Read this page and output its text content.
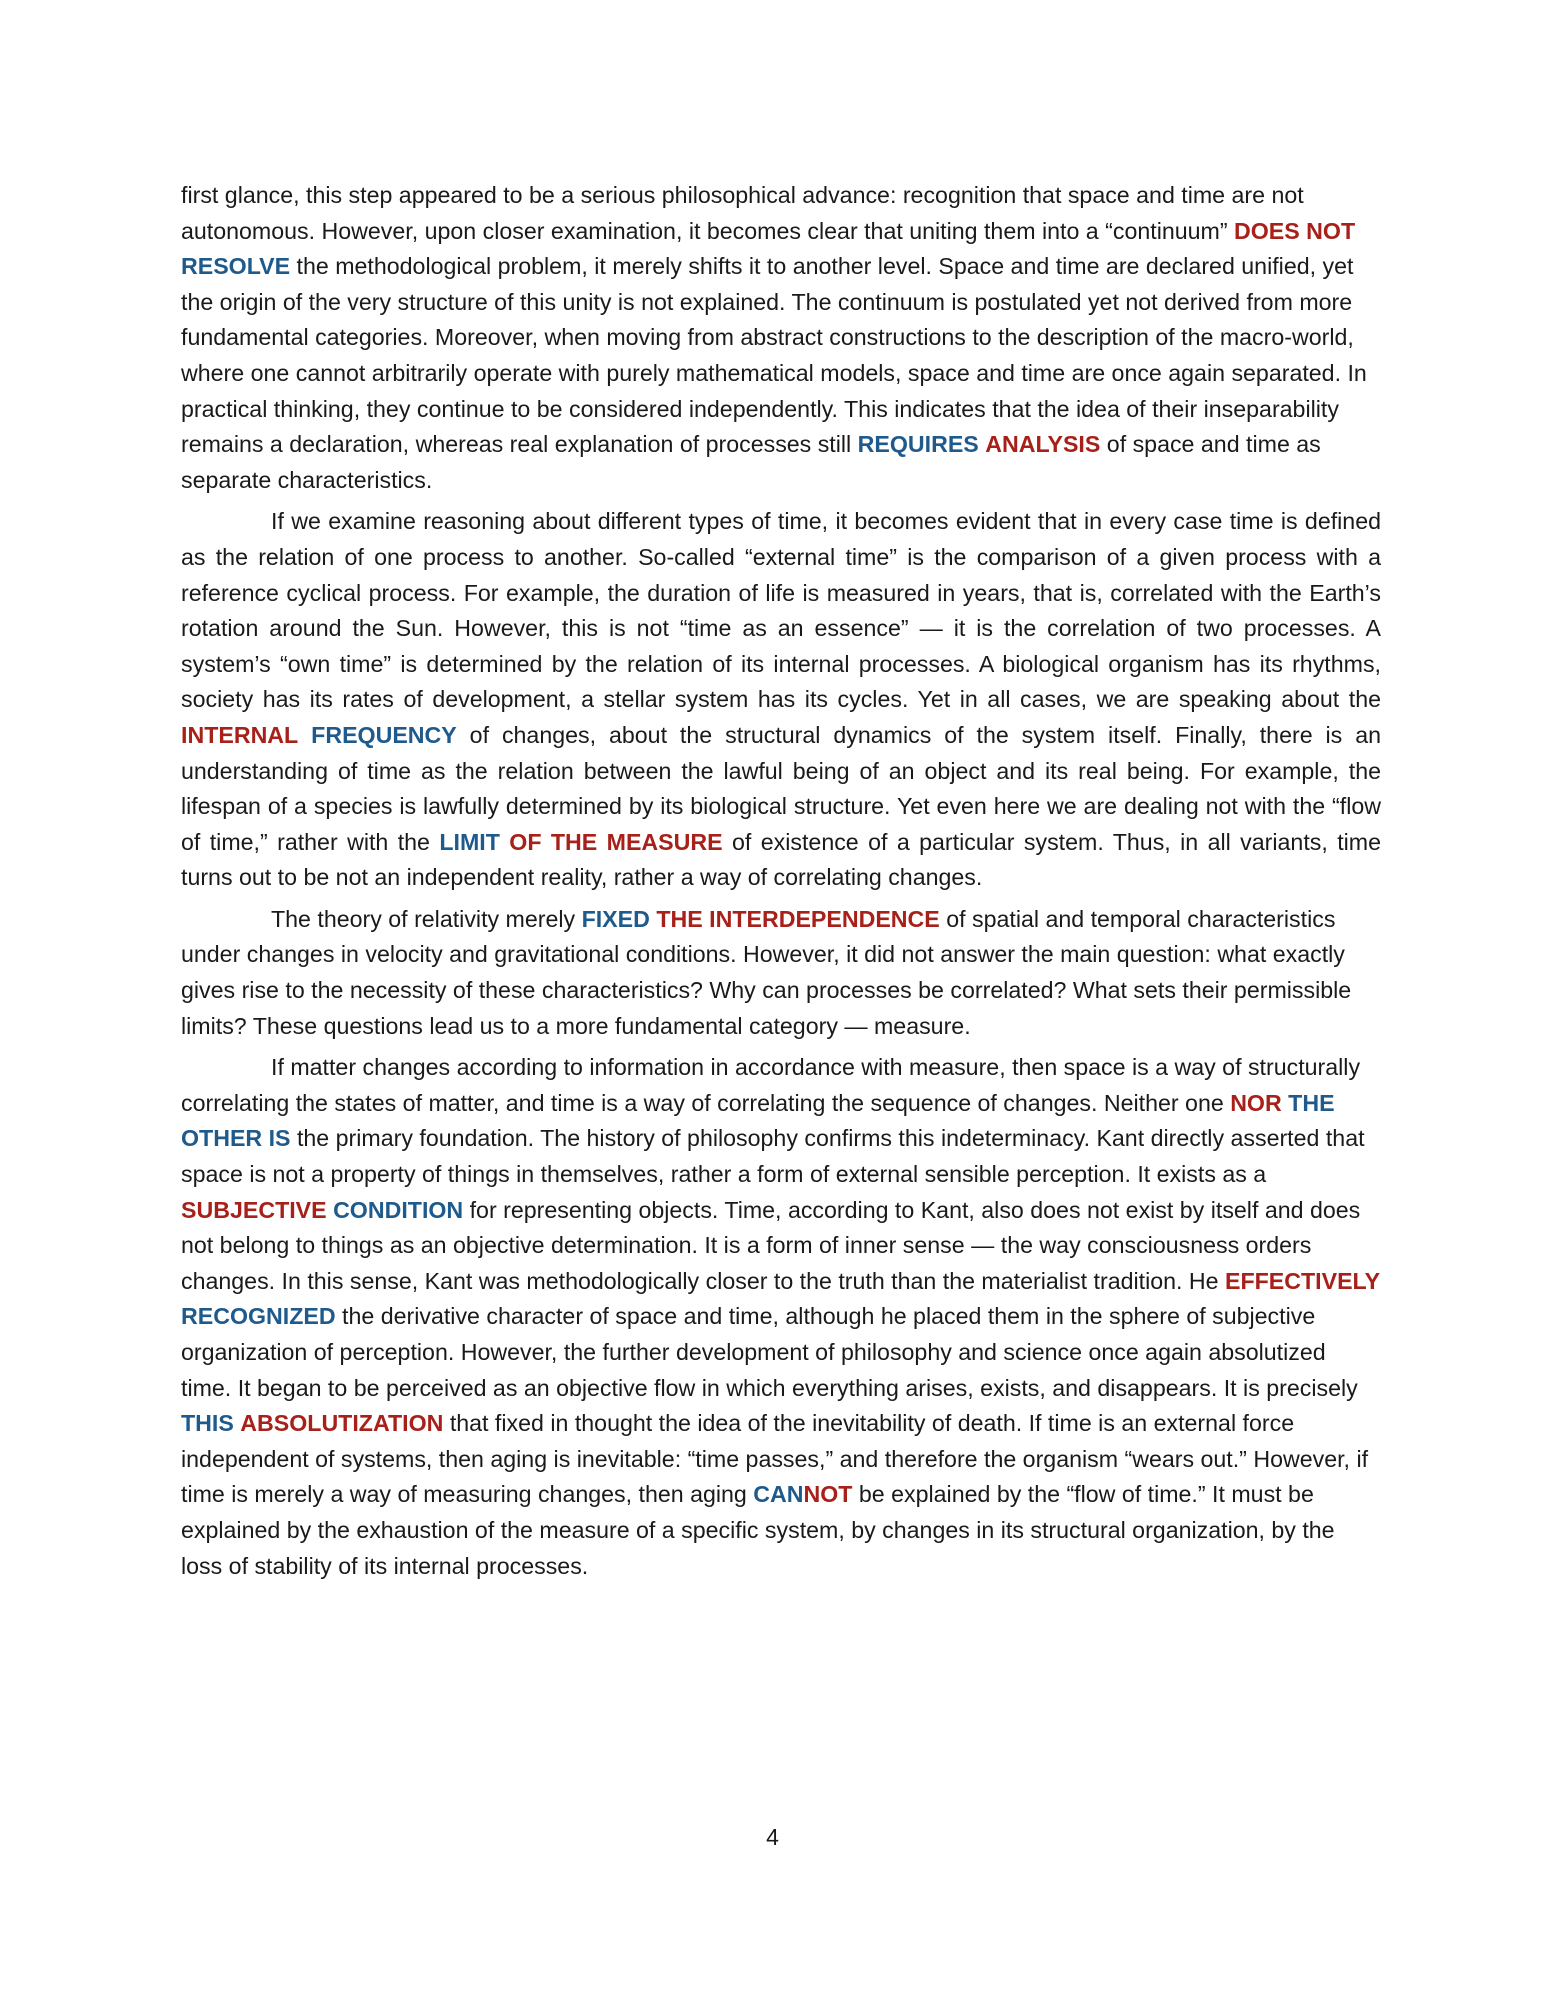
first glance, this step appeared to be a serious philosophical advance: recognition that space and time are not autonomous. However, upon closer examination, it becomes clear that uniting them into a “continuum” DOES NOT RESOLVE the methodological problem, it merely shifts it to another level. Space and time are declared unified, yet the origin of the very structure of this unity is not explained. The continuum is postulated yet not derived from more fundamental categories. Moreover, when moving from abstract constructions to the description of the macro-world, where one cannot arbitrarily operate with purely mathematical models, space and time are once again separated. In practical thinking, they continue to be considered independently. This indicates that the idea of their inseparability remains a declaration, whereas real explanation of processes still REQUIRES ANALYSIS of space and time as separate characteristics.

If we examine reasoning about different types of time, it becomes evident that in every case time is defined as the relation of one process to another. So-called “external time” is the comparison of a given process with a reference cyclical process. For example, the duration of life is measured in years, that is, correlated with the Earth’s rotation around the Sun. However, this is not “time as an essence” — it is the correlation of two processes. A system’s “own time” is determined by the relation of its internal processes. A biological organism has its rhythms, society has its rates of development, a stellar system has its cycles. Yet in all cases, we are speaking about the INTERNAL FREQUENCY of changes, about the structural dynamics of the system itself. Finally, there is an understanding of time as the relation between the lawful being of an object and its real being. For example, the lifespan of a species is lawfully determined by its biological structure. Yet even here we are dealing not with the “flow of time,” rather with the LIMIT OF THE MEASURE of existence of a particular system. Thus, in all variants, time turns out to be not an independent reality, rather a way of correlating changes.

The theory of relativity merely FIXED THE INTERDEPENDENCE of spatial and temporal characteristics under changes in velocity and gravitational conditions. However, it did not answer the main question: what exactly gives rise to the necessity of these characteristics? Why can processes be correlated? What sets their permissible limits? These questions lead us to a more fundamental category — measure.

If matter changes according to information in accordance with measure, then space is a way of structurally correlating the states of matter, and time is a way of correlating the sequence of changes. Neither one NOR THE OTHER IS the primary foundation. The history of philosophy confirms this indeterminacy. Kant directly asserted that space is not a property of things in themselves, rather a form of external sensible perception. It exists as a SUBJECTIVE CONDITION for representing objects. Time, according to Kant, also does not exist by itself and does not belong to things as an objective determination. It is a form of inner sense — the way consciousness orders changes. In this sense, Kant was methodologically closer to the truth than the materialist tradition. He EFFECTIVELY RECOGNIZED the derivative character of space and time, although he placed them in the sphere of subjective organization of perception. However, the further development of philosophy and science once again absolutized time. It began to be perceived as an objective flow in which everything arises, exists, and disappears. It is precisely THIS ABSOLUTIZATION that fixed in thought the idea of the inevitability of death. If time is an external force independent of systems, then aging is inevitable: “time passes,” and therefore the organism “wears out.” However, if time is merely a way of measuring changes, then aging CANNOT be explained by the “flow of time.” It must be explained by the exhaustion of the measure of a specific system, by changes in its structural organization, by the loss of stability of its internal processes.

4
